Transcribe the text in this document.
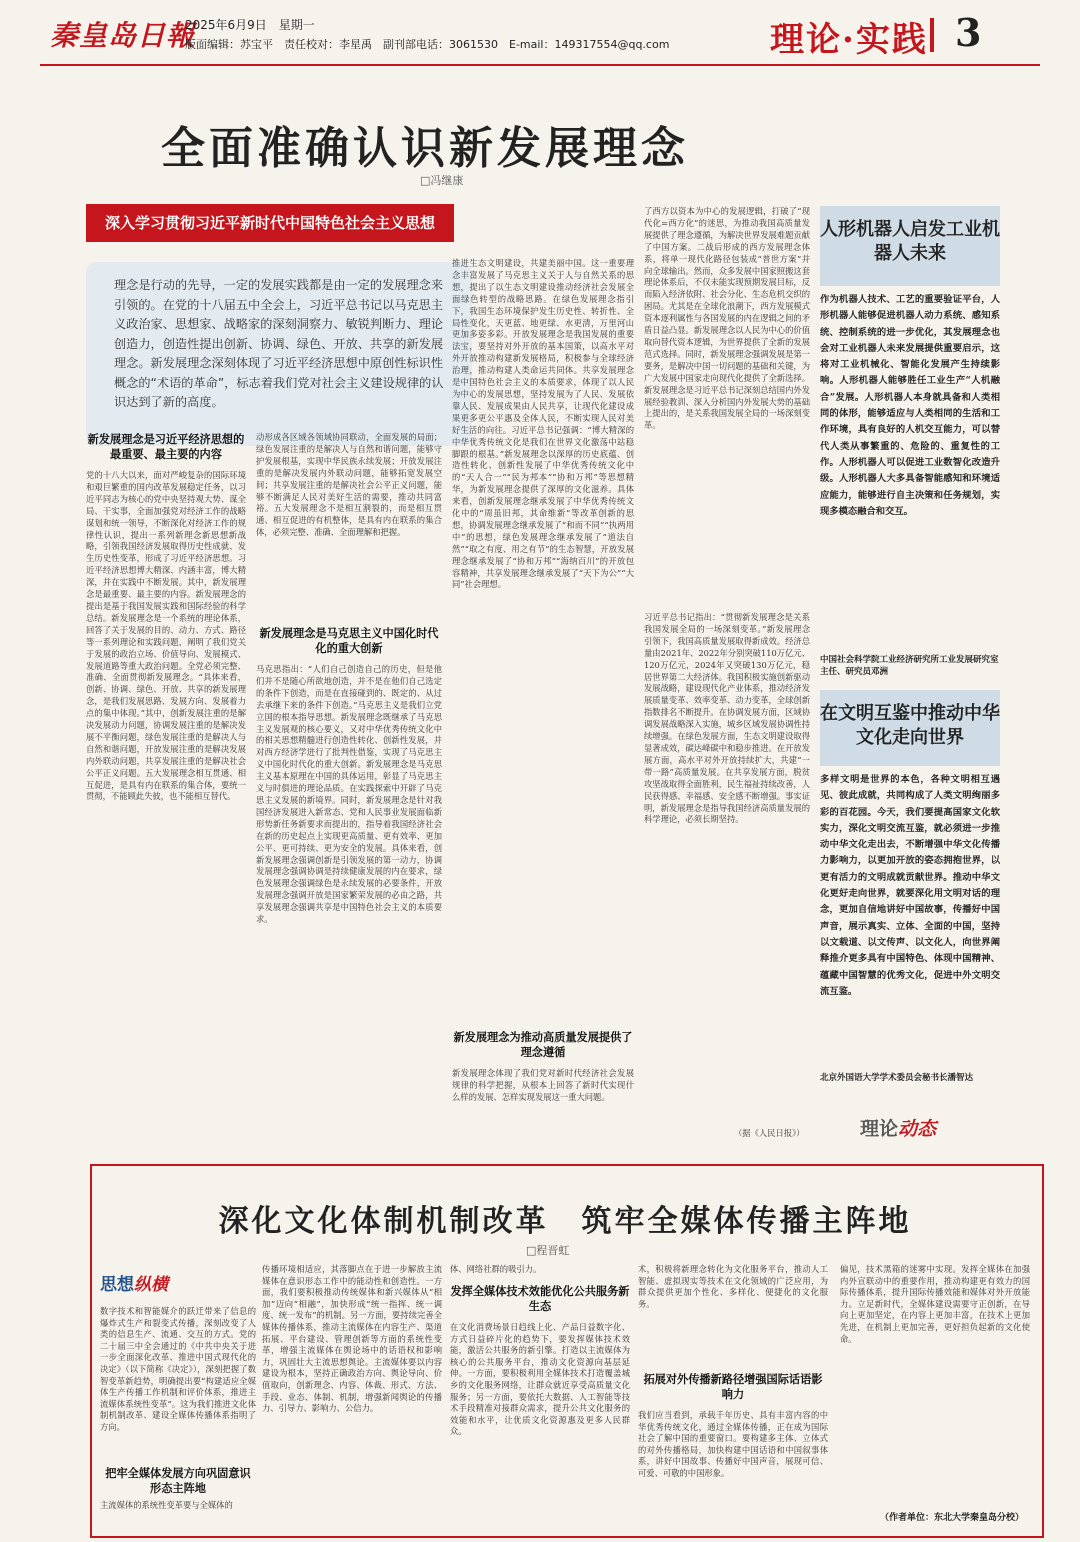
秦皇岛日報
2025年6月9日　星期一
版面编辑：苏宝平　责任校对：李星禹　副刊部电话：3061530　E-mail：149317554@qq.com	理论·实践 3
全面准确认识新发展理念
□冯继康
深入学习贯彻习近平新时代中国特色社会主义思想
理念是行动的先导，一定的发展实践都是由一定的发展理念来引领的。在党的十八届五中全会上，习近平总书记以马克思主义政治家、思想家、战略家的深刻洞察力、敏锐判断力、理论创造力，创造性提出创新、协调、绿色、开放、共享的新发展理念。新发展理念深刻体现了习近平经济思想中原创性标识性概念的“术语的革命”，标志着我们党对社会主义建设规律的认识达到了新的高度。
新发展理念是习近平经济思想的最重要、最主要的内容
党的十八大以来，面对严峻复杂的国际环境和艰巨繁重的国内改革发展稳定任务，以习近平同志为核心的党中央坚持观大势、谋全局、干实事，全面加强党对经济工作的战略谋划和统一领导，不断深化对经济工作的规律性认识，提出一系列新理念新思想新战略，引领我国经济发展取得历史性成就、发生历史性变革，形成了习近平经济思想。习近平经济思想博大精深、内涵丰富，博大精深，并在实践中不断发展。其中，新发展理念是最重要、最主要的内容。新发展理念的提出是基于我国发展实践和国际经验的科学总结。新发展理念是一个系统的理论体系，回答了关于发展的目的、动力、方式、路径等一系列理论和实践问题，阐明了我们党关于发展的政治立场、价值导向、发展模式、发展道路等重大政治问题。全党必须完整、准确、全面贯彻新发展理念。“具体来看，创新、协调、绿色、开放、共享的新发展理念，是我们发展思路、发展方向、发展着力点的集中体现。”其中，创新发展注重的是解决发展动力问题，协调发展注重的是解决发展不平衡问题，绿色发展注重的是解决人与自然和谐问题，开放发展注重的是解决发展内外联动问题，共享发展注重的是解决社会公平正义问题。五大发展理念相互贯通、相互促进，是具有内在联系的集合体，要统一贯彻，不能顾此失彼，也不能相互替代。
动形成各区域各领域协同联动，全面发展的局面；绿色发展注重的是解决人与自然和谐问题，能够守护发展根基，实现中华民族永续发展；开放发展注重的是解决发展内外联动问题，能够拓宽发展空间；共享发展注重的是解决社会公平正义问题，能够不断满足人民对美好生活的需要，推动共同富裕。五大发展理念不是相互割裂的，而是相互贯通、相互促进的有机整体，是具有内在联系的集合体，必须完整、准确、全面理解和把握。
新发展理念是马克思主义中国化时代化的重大创新
马克思指出：“人们自己创造自己的历史，但是他们并不是随心所欲地创造，并不是在他们自己选定的条件下创造，而是在直接碰到的、既定的、从过去承继下来的条件下创造。”马克思主义是我们立党立国的根本指导思想。新发展理念既继承了马克思主义发展观的核心要义，又对中华优秀传统文化中的相关思想精髓进行创造性转化、创新性发展，并对西方经济学进行了批判性借鉴，实现了马克思主义中国化时代化的重大创新。新发展理念是马克思主义基本原理在中国的具体运用，彰显了马克思主义与时俱进的理论品质。在实践探索中开辟了马克思主义发展的新境界。同时，新发展理念是针对我国经济发展进入新常态、党和人民事业发展面临新形势新任务新要求而提出的，指导着我国经济社会在新的历史起点上实现更高质量、更有效率、更加公平、更可持续、更为安全的发展。具体来看，创新发展理念强调创新是引领发展的第一动力，协调发展理念强调协调是持续健康发展的内在要求，绿色发展理念强调绿色是永续发展的必要条件，开放发展理念强调开放是国家繁荣发展的必由之路，共享发展理念强调共享是中国特色社会主义的本质要求。
推进生态文明建设，共建美丽中国。这一重要理念丰富发展了马克思主义关于人与自然关系的思想，提出了以生态文明建设推动经济社会发展全面绿色转型的战略思路。在绿色发展理念指引下，我国生态环境保护发生历史性、转折性、全局性变化，天更蓝、地更绿、水更清，万里河山更加多姿多彩。开放发展理念是我国发展的重要法宝，要坚持对外开放的基本国策，以高水平对外开放推动构建新发展格局，积极参与全球经济治理，推动构建人类命运共同体。共享发展理念是中国特色社会主义的本质要求，体现了以人民为中心的发展思想，坚持发展为了人民、发展依靠人民、发展成果由人民共享，让现代化建设成果更多更公平惠及全体人民，不断实现人民对美好生活的向往。习近平总书记强调：“博大精深的中华优秀传统文化是我们在世界文化激荡中站稳脚跟的根基。”新发展理念以深厚的历史底蕴、创造性转化、创新性发展了中华优秀传统文化中的“天人合一”“民为邦本”“协和万邦”等思想精华，为新发展理念提供了深厚的文化滋养。具体来看，创新发展理念继承发展了中华优秀传统文化中的“周虽旧邦，其命维新”等改革创新的思想，协调发展理念继承发展了“和而不同”“执两用中”的思想，绿色发展理念继承发展了“道法自然”“取之有度、用之有节”的生态智慧，开放发展理念继承发展了“协和万邦”“海纳百川”的开放包容精神，共享发展理念继承发展了“天下为公”“大同”社会理想。
新发展理念为推动高质量发展提供了理念遵循
新发展理念体现了我们党对新时代经济社会发展规律的科学把握，从根本上回答了新时代实现什么样的发展、怎样实现发展这一重大问题。
了西方以资本为中心的发展逻辑，打破了“现代化=西方化”的迷思，为推动我国高质量发展提供了理念遵循，为解决世界发展难题贡献了中国方案。二战后形成的西方发展理念体系，将单一现代化路径包装成“普世方案”并向全球输出。然而，众多发展中国家照搬这套理论体系后，不仅未能实现预期发展目标，反而陷入经济依附、社会分化、生态危机交织的困局。尤其是在全球化浪潮下，西方发展模式资本逐利属性与各国发展的内在逻辑之间的矛盾日益凸显。新发展理念以人民为中心的价值取向替代资本逻辑，为世界提供了全新的发展范式选择。同时，新发展理念强调发展是第一要务，是解决中国一切问题的基础和关键，为广大发展中国家走向现代化提供了全新选择。新发展理念是习近平总书记深刻总结国内外发展经验教训、深入分析国内外发展大势的基础上提出的，是关系我国发展全局的一场深刻变革。
习近平总书记指出：“贯彻新发展理念是关系我国发展全局的一场深刻变革。”新发展理念引领下，我国高质量发展取得新成效。经济总量由2021年、2022年分别突破110万亿元、120万亿元，2024年又突破130万亿元，稳居世界第二大经济体。我国积极实施创新驱动发展战略，建设现代化产业体系，推动经济发展质量变革、效率变革、动力变革，全球创新指数排名不断提升。在协调发展方面，区域协调发展战略深入实施，城乡区域发展协调性持续增强。在绿色发展方面，生态文明建设取得显著成效，碳达峰碳中和稳步推进。在开放发展方面，高水平对外开放持续扩大，共建“一带一路”高质量发展。在共享发展方面，脱贫攻坚战取得全面胜利，民生福祉持续改善，人民获得感、幸福感、安全感不断增强。事实证明，新发展理念是指导我国经济高质量发展的科学理论，必须长期坚持。
（据《人民日报》）
人形机器人启发工业机器人未来
作为机器人技术、工艺的重要验证平台，人形机器人能够促进机器人动力系统、感知系统、控制系统的进一步优化，其发展理念也会对工业机器人未来发展提供重要启示，这将对工业机械化、智能化发展产生持续影响。人形机器人能够胜任工业生产“人机融合”发展。人形机器人本身就具备和人类相同的体形，能够适应与人类相同的生活和工作环境，具有良好的人机交互能力，可以替代人类从事繁重的、危险的、重复性的工作。人形机器人可以促进工业数智化改造升级。人形机器人大多具备智能感知和环境适应能力，能够进行自主决策和任务规划，实现多模态融合和交互。
中国社会科学院工业经济研究所工业发展研究室主任、研究员邓洲
在文明互鉴中推动中华文化走向世界
多样文明是世界的本色，各种文明相互遇见、彼此成就，共同构成了人类文明绚丽多彩的百花园。今天，我们要提高国家文化软实力，深化文明交流互鉴，就必须进一步推动中华文化走出去，不断增强中华文化传播力影响力，以更加开放的姿态拥抱世界，以更有活力的文明成就贡献世界。推动中华文化更好走向世界，就要深化用文明对话的理念，更加自信地讲好中国故事，传播好中国声音，展示真实、立体、全面的中国，坚持以文载道、以文传声、以文化人，向世界阐释推介更多具有中国特色、体现中国精神、蕴藏中国智慧的优秀文化，促进中外文明交流互鉴。
北京外国语大学学术委员会秘书长潘智达
理论动态
深化文化体制机制改革　筑牢全媒体传播主阵地
□程晋虹
思想纵横
数字技术和智能媒介的跃迁带来了信息的爆炸式生产和裂变式传播，深刻改变了人类的信息生产、流通、交互的方式。党的二十届三中全会通过的《中共中央关于进一步全面深化改革、推进中国式现代化的决定》（以下简称《决定》），深刻把握了数智变革新趋势，明确提出要“构建适应全媒体生产传播工作机制和评价体系，推进主流媒体系统性变革”。这为我们推进文化体制机制改革、建设全媒体传播体系指明了方向。
把牢全媒体发展方向巩固意识形态主阵地
主流媒体的系统性变革要与全媒体的
传播环境相适应，其落脚点在于进一步解放主流媒体在意识形态工作中的能动性和创造性。一方面，我们要积极推动传统媒体和新兴媒体从“相加”迈向“相融”，加快形成“统一指挥、统一调度、统一发布”的机制。另一方面，要持续完善全媒体传播体系，推动主流媒体在内容生产、渠道拓展、平台建设、管理创新等方面的系统性变革，增强主流媒体在舆论场中的话语权和影响力，巩固壮大主流思想舆论。主流媒体要以内容建设为根本，坚持正确政治方向、舆论导向、价值取向，创新理念、内容、体裁、形式、方法、手段、业态、体制、机制，增强新闻舆论的传播力、引导力、影响力、公信力。
体、网络社群的吸引力。
发挥全媒体技术效能优化公共服务新生态
在文化消费场景日趋线上化、产品日益数字化、方式日益碎片化的趋势下，要发挥媒体技术效能，激活公共服务的新引擎。打造以主流媒体为核心的公共服务平台，推动文化资源向基层延伸。一方面，要积极利用全媒体技术打造覆盖城乡的文化服务网络，让群众就近享受高质量文化服务；另一方面，要依托大数据、人工智能等技术手段精准对接群众需求，提升公共文化服务的效能和水平，让优质文化资源惠及更多人民群众。
术，积极将新理念转化为文化服务平台，推动人工智能、虚拟现实等技术在文化领域的广泛应用，为群众提供更加个性化、多样化、便捷化的文化服务。
拓展对外传播新路径增强国际话语影响力
我们应当看到，承载千年历史、具有丰富内容的中华优秀传统文化，通过全媒体传播，正在成为国际社会了解中国的重要窗口。要构建多主体、立体式的对外传播格局，加快构建中国话语和中国叙事体系，讲好中国故事、传播好中国声音，展现可信、可爱、可敬的中国形象。
偏见，技术黑箱的迷雾中实现。发挥全媒体在加强内外宣联动中的重要作用，推动构建更有效力的国际传播体系，提升国际传播效能和媒体对外开放能力。立足新时代，全媒体建设需要守正创新，在导向上更加坚定，在内容上更加丰富，在技术上更加先进，在机制上更加完善，更好担负起新的文化使命。
（作者单位：东北大学秦皇岛分校）
